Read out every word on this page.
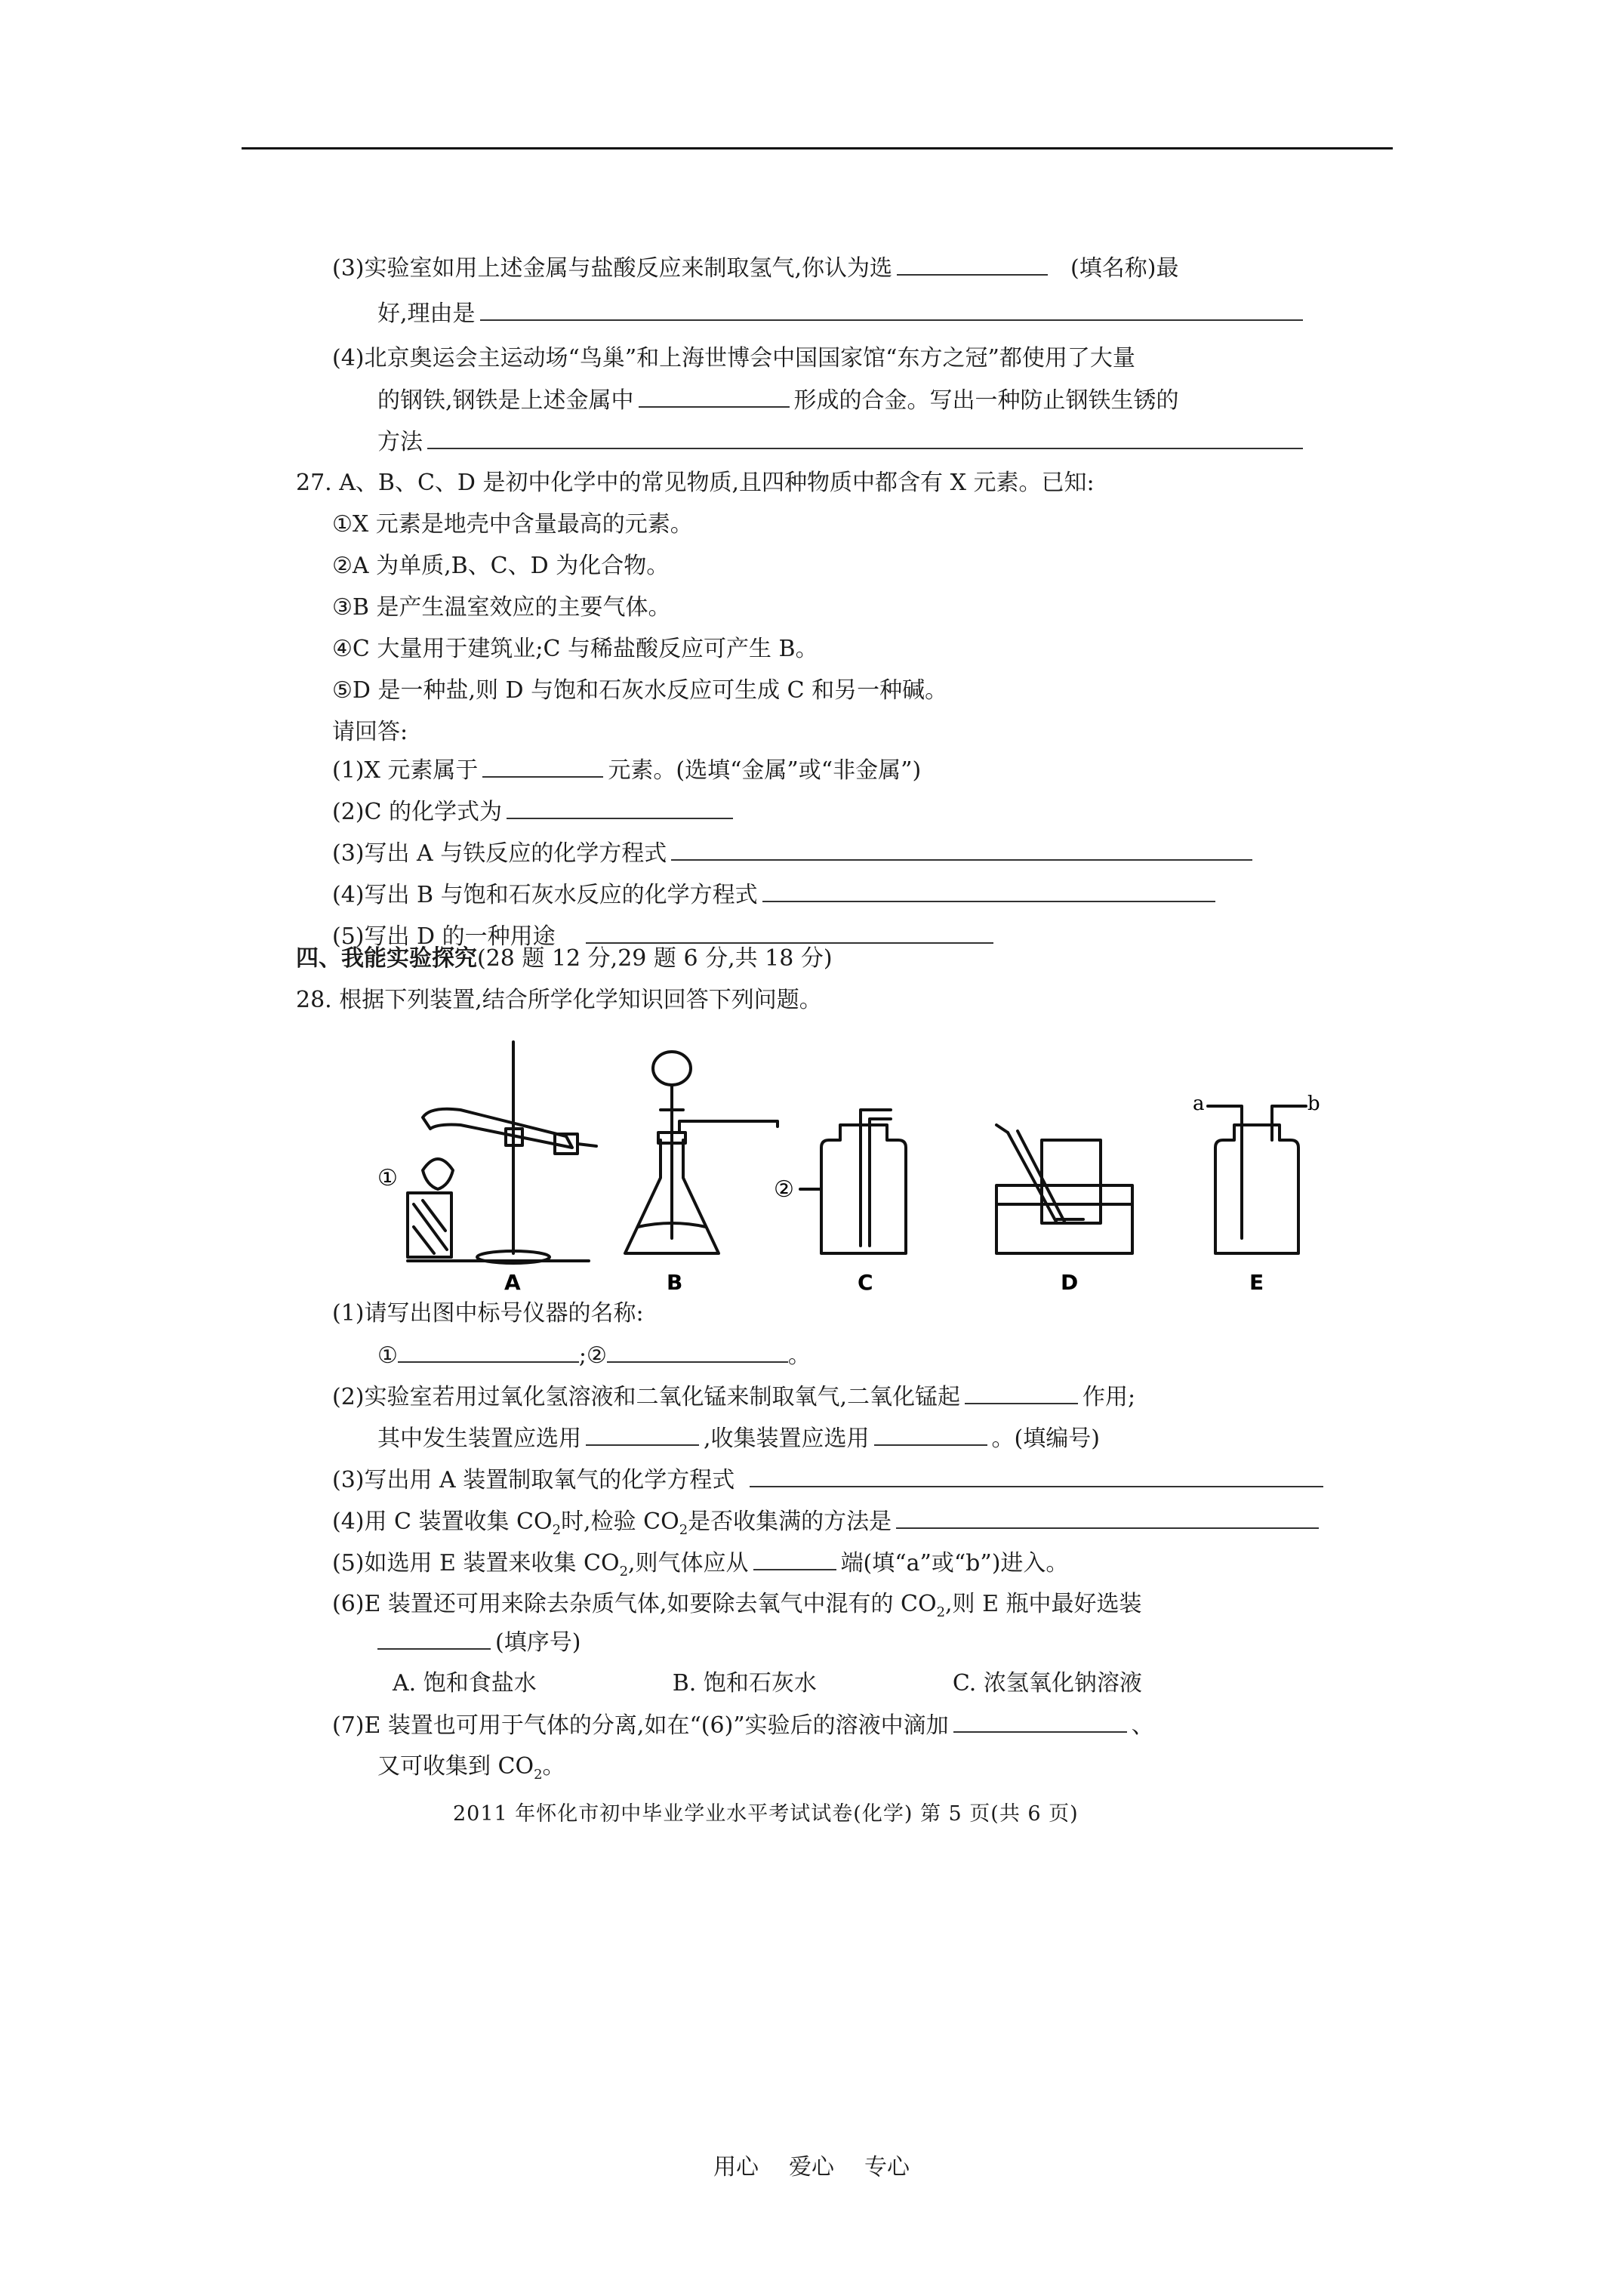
(3)实验室如用上述金属与盐酸反应来制取氢气,你认为选	(填名称)最
好,理由是
(4)北京奥运会主运动场“鸟巢”和上海世博会中国国家馆“东方之冠”都使用了大量
的钢铁,钢铁是上述金属中	形成的合金。写出一种防止钢铁生锈的
方法
27. A、B、C、D 是初中化学中的常见物质,且四种物质中都含有 X 元素。已知:
①X 元素是地壳中含量最高的元素。
②A 为单质,B、C、D 为化合物。
③B 是产生温室效应的主要气体。
④C 大量用于建筑业;C 与稀盐酸反应可产生 B。
⑤D 是一种盐,则 D 与饱和石灰水反应可生成 C 和另一种碱。
请回答:
(1)X 元素属于	元素。(选填“金属”或“非金属”)
(2)C 的化学式为
(3)写出 A 与铁反应的化学方程式
(4)写出 B 与饱和石灰水反应的化学方程式
(5)写出 D 的一种用途
四、我能实验探究(28 题 12 分,29 题 6 分,共 18 分)
28. 根据下列装置,结合所学化学知识回答下列问题。
A	B	C	D	E
①	②
a	b
(1)请写出图中标号仪器的名称:
①	;②	。
(2)实验室若用过氧化氢溶液和二氧化锰来制取氧气,二氧化锰起	作用;
其中发生装置应选用	,收集装置应选用	。(填编号)
(3)写出用 A 装置制取氧气的化学方程式
(4)用 C 装置收集 $CO_2$时,检验 $CO_2$是否收集满的方法是
(5)如选用 E 装置来收集 $CO_2$,则气体应从	端(填“a”或“b”)进入。
(6)E 装置还可用来除去杂质气体,如要除去氧气中混有的 $CO_2$,则 E 瓶中最好选装
(填序号)
A. 饱和食盐水	B. 饱和石灰水	C. 浓氢氧化钠溶液
(7)E 装置也可用于气体的分离,如在“(6)”实验后的溶液中滴加	、
又可收集到 $CO_2$。
2011 年怀化市初中毕业学业水平考试试卷(化学) 第 5 页(共 6 页)
用心 爱心 专心
